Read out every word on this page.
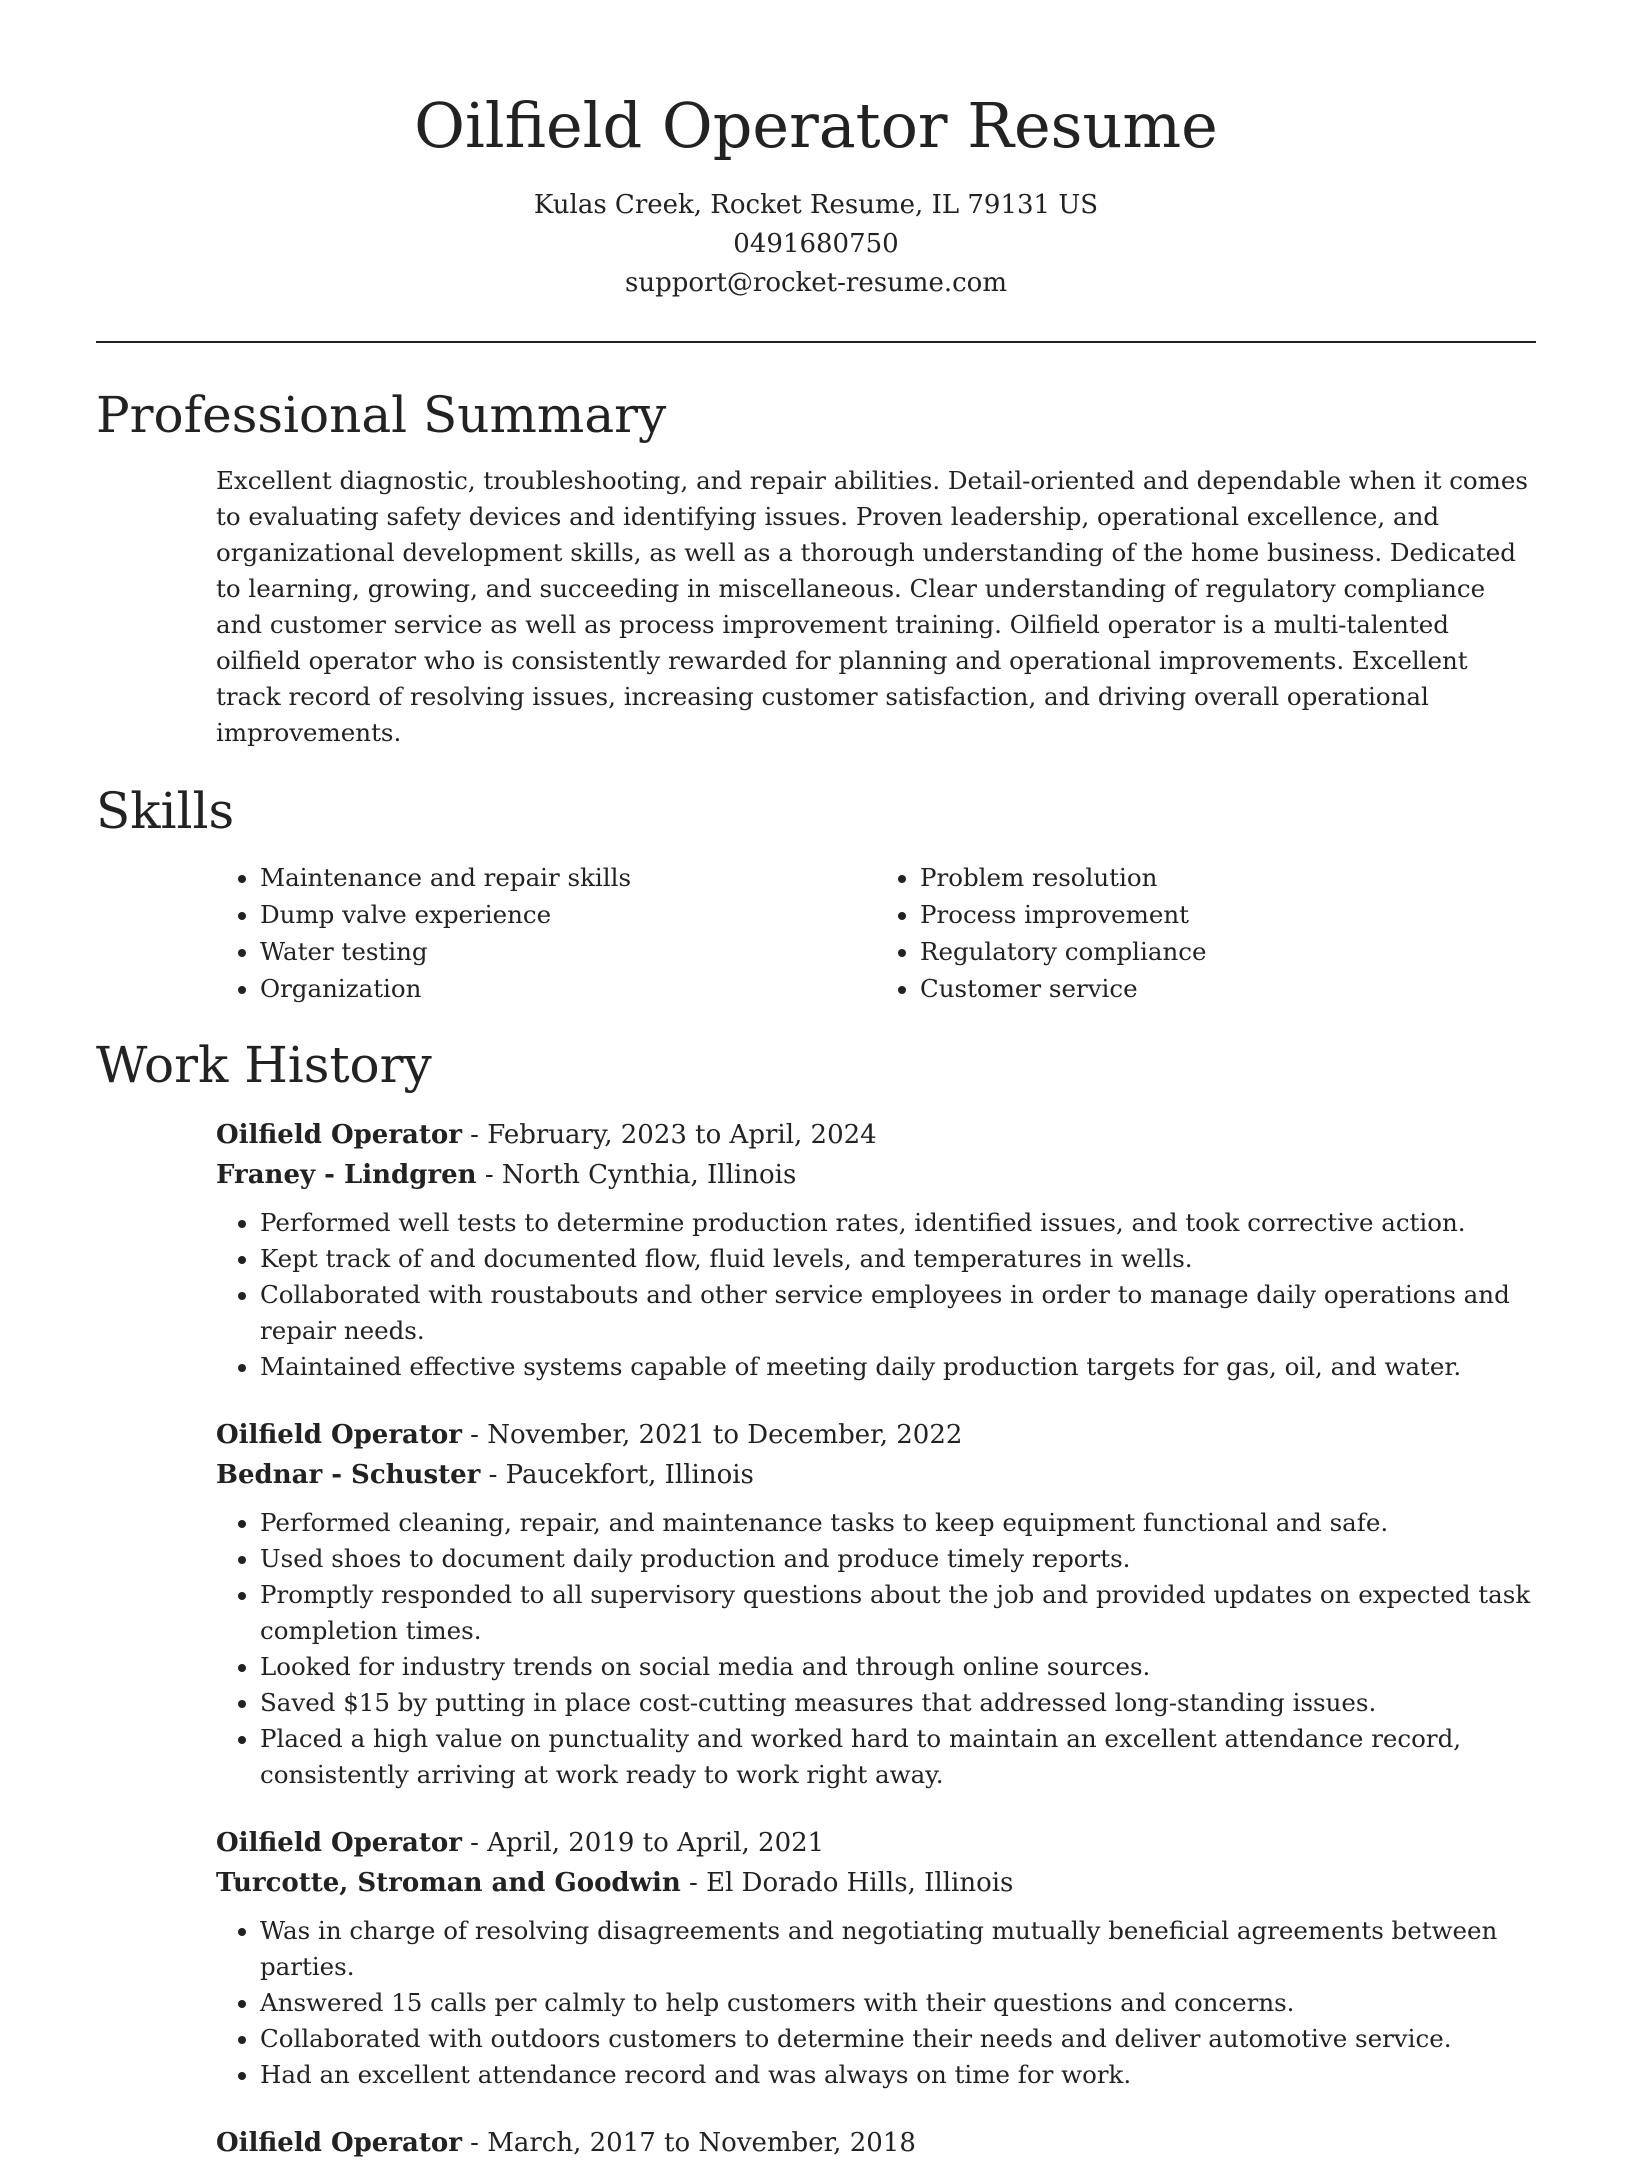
Oilfield Operator Resume
Kulas Creek, Rocket Resume, IL 79131 US
0491680750
support@rocket-resume.com
Professional Summary
Excellent diagnostic, troubleshooting, and repair abilities. Detail-oriented and dependable when it comes to evaluating safety devices and identifying issues. Proven leadership, operational excellence, and organizational development skills, as well as a thorough understanding of the home business. Dedicated to learning, growing, and succeeding in miscellaneous. Clear understanding of regulatory compliance and customer service as well as process improvement training. Oilfield operator is a multi-talented oilfield operator who is consistently rewarded for planning and operational improvements. Excellent track record of resolving issues, increasing customer satisfaction, and driving overall operational improvements.
Skills
• Maintenance and repair skills
• Dump valve experience
• Water testing
• Organization
• Problem resolution
• Process improvement
• Regulatory compliance
• Customer service
Work History
Oilfield Operator - February, 2023 to April, 2024
Franey - Lindgren - North Cynthia, Illinois
• Performed well tests to determine production rates, identified issues, and took corrective action.
• Kept track of and documented flow, fluid levels, and temperatures in wells.
• Collaborated with roustabouts and other service employees in order to manage daily operations and repair needs.
• Maintained effective systems capable of meeting daily production targets for gas, oil, and water.
Oilfield Operator - November, 2021 to December, 2022
Bednar - Schuster - Paucekfort, Illinois
• Performed cleaning, repair, and maintenance tasks to keep equipment functional and safe.
• Used shoes to document daily production and produce timely reports.
• Promptly responded to all supervisory questions about the job and provided updates on expected task completion times.
• Looked for industry trends on social media and through online sources.
• Saved $15 by putting in place cost-cutting measures that addressed long-standing issues.
• Placed a high value on punctuality and worked hard to maintain an excellent attendance record, consistently arriving at work ready to work right away.
Oilfield Operator - April, 2019 to April, 2021
Turcotte, Stroman and Goodwin - El Dorado Hills, Illinois
• Was in charge of resolving disagreements and negotiating mutually beneficial agreements between parties.
• Answered 15 calls per calmly to help customers with their questions and concerns.
• Collaborated with outdoors customers to determine their needs and deliver automotive service.
• Had an excellent attendance record and was always on time for work.
Oilfield Operator - March, 2017 to November, 2018
